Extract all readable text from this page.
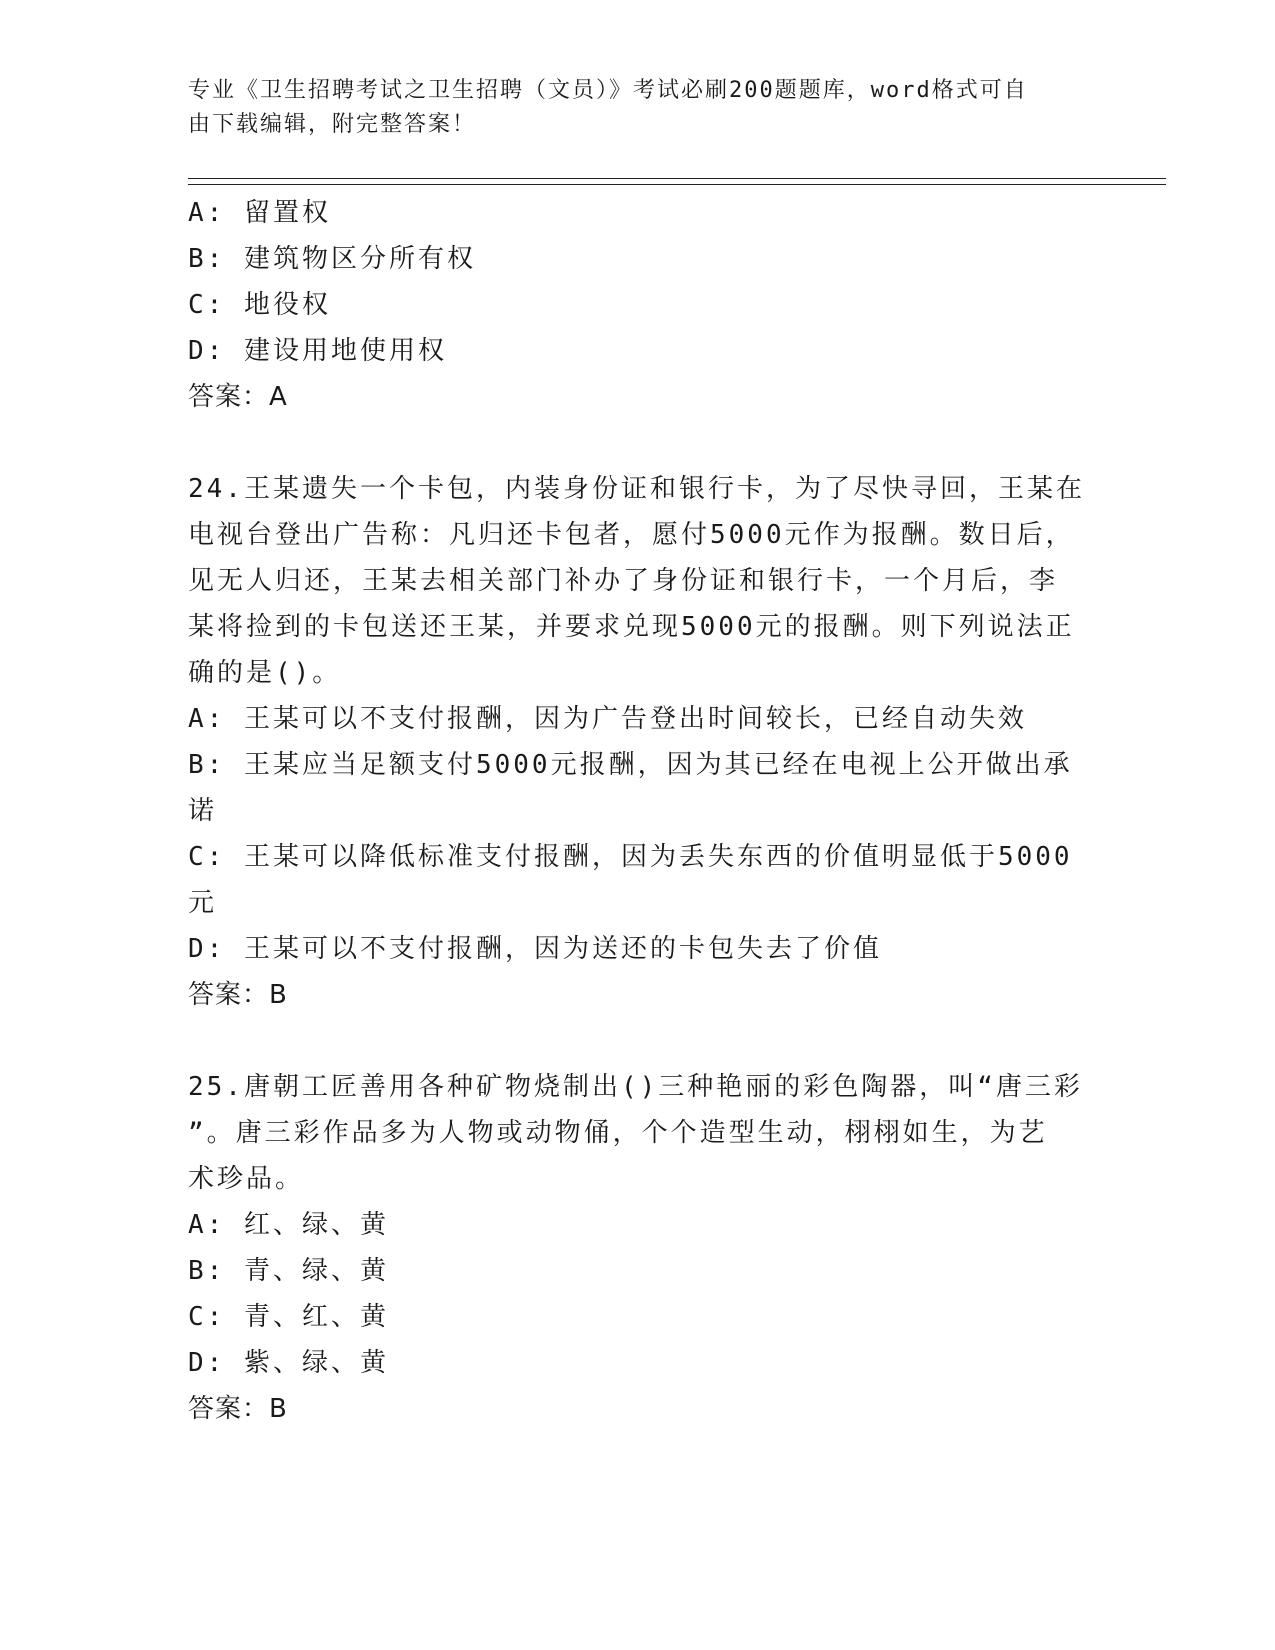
专业《卫生招聘考试之卫生招聘（文员）》考试必刷200题题库，word格式可自
由下载编辑，附完整答案！
A: 留置权
B: 建筑物区分所有权
C: 地役权
D: 建设用地使用权
答案：A
24.王某遗失一个卡包，内装身份证和银行卡，为了尽快寻回，王某在
电视台登出广告称：凡归还卡包者，愿付5000元作为报酬。数日后，
见无人归还，王某去相关部门补办了身份证和银行卡，一个月后，李
某将捡到的卡包送还王某，并要求兑现5000元的报酬。则下列说法正
确的是()。
A: 王某可以不支付报酬，因为广告登出时间较长，已经自动失效
B: 王某应当足额支付5000元报酬，因为其已经在电视上公开做出承
诺
C: 王某可以降低标准支付报酬，因为丢失东西的价值明显低于5000
元
D: 王某可以不支付报酬，因为送还的卡包失去了价值
答案：B
25.唐朝工匠善用各种矿物烧制出()三种艳丽的彩色陶器，叫“唐三彩
”。唐三彩作品多为人物或动物俑，个个造型生动，栩栩如生，为艺
术珍品。
A: 红、绿、黄
B: 青、绿、黄
C: 青、红、黄
D: 紫、绿、黄
答案：B
